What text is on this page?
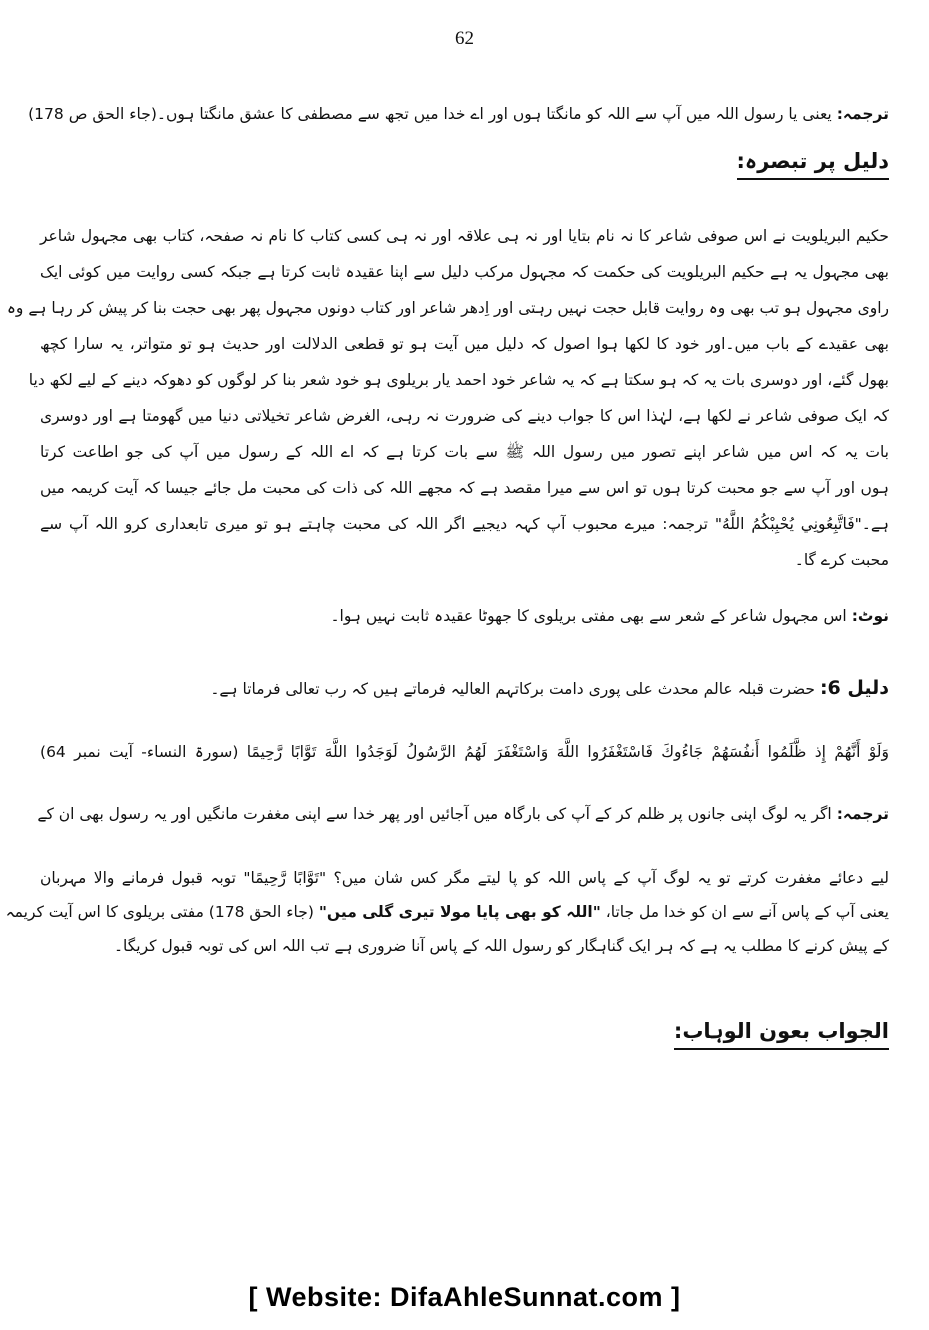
62
ترجمہ: یعنی یا رسول اللہ میں آپ سے اللہ کو مانگتا ہوں اور اے خدا میں تجھ سے مصطفی کا عشق مانگتا ہوں۔(جاء الحق ص 178)
دلیل پر تبصرہ:
حکیم البریلویت نے اس صوفی شاعر کا نہ نام بتایا اور نہ ہی علاقہ اور نہ ہی کسی کتاب کا نام نہ صفحہ، کتاب بھی مجہول شاعر
بھی مجہول یہ ہے حکیم البریلویت کی حکمت کہ مجہول مرکب دلیل سے اپنا عقیدہ ثابت کرتا ہے جبکہ کسی روایت میں کوئی ایک
راوی مجہول ہو تب بھی وہ روایت قابل حجت نہیں رہتی اور اِدھر شاعر اور کتاب دونوں مجہول پھر بھی حجت بنا کر پیش کر رہا ہے وہ
بھی عقیدے کے باب میں۔اور خود کا لکھا ہوا اصول کہ دلیل میں آیت ہو تو قطعی الدلالت اور حدیث ہو تو متواتر، یہ سارا کچھ
بھول گئے، اور دوسری بات یہ کہ ہو سکتا ہے کہ یہ شاعر خود احمد یار بریلوی ہو خود شعر بنا کر لوگوں کو دھوکہ دینے کے لیے لکھ دیا
کہ ایک صوفی شاعر نے لکھا ہے، لہٰذا اس کا جواب دینے کی ضرورت نہ رہی، الغرض شاعر تخیلاتی دنیا میں گھومتا ہے اور دوسری
بات یہ کہ اس میں شاعر اپنے تصور میں رسول اللہ ﷺ سے بات کرتا ہے کہ اے اللہ کے رسول میں آپ کی جو اطاعت کرتا
ہوں اور آپ سے جو محبت کرتا ہوں تو اس سے میرا مقصد ہے کہ مجھے اللہ کی ذات کی محبت مل جائے جیسا کہ آیت کریمہ میں
ہے۔"فَاتَّبِعُونِي يُحْبِبْكُمُ اللَّهُ" ترجمہ: میرے محبوب آپ کہہ دیجیے اگر اللہ کی محبت چاہتے ہو تو میری تابعداری کرو اللہ آپ سے
محبت کرے گا۔
نوٹ: اس مجہول شاعر کے شعر سے بھی مفتی بریلوی کا جھوٹا عقیدہ ثابت نہیں ہوا۔
دلیل 6: حضرت قبلہ عالم محدث علی پوری دامت برکاتہم العالیہ فرماتے ہیں کہ رب تعالی فرماتا ہے۔
وَلَوْ أَنَّهُمْ إِذ ظَّلَمُوا أَنفُسَهُمْ جَاءُوكَ فَاسْتَغْفَرُوا اللَّهَ وَاسْتَغْفَرَ لَهُمُ الرَّسُولُ لَوَجَدُوا اللَّهَ تَوَّابًا رَّحِيمًا (سورۃ النساء- آیت نمبر 64)
ترجمہ: اگر یہ لوگ اپنی جانوں پر ظلم کر کے آپ کی بارگاہ میں آجائیں اور پھر خدا سے اپنی مغفرت مانگیں اور یہ رسول بھی ان کے
لیے دعائے مغفرت کرتے تو یہ لوگ آپ کے پاس اللہ کو پا لیتے مگر کس شان میں؟ "تَوَّابًا رَّحِيمًا" توبہ قبول فرمانے والا مہربان
یعنی آپ کے پاس آنے سے ان کو خدا مل جاتا، "اللہ کو بھی پایا مولا تیری گلی میں" (جاء الحق 178) مفتی بریلوی کا اس آیت کریمہ
کے پیش کرنے کا مطلب یہ ہے کہ ہر ایک گناہگار کو رسول اللہ کے پاس آنا ضروری ہے تب اللہ اس کی توبہ قبول کریگا۔
الجواب بعون الوہاب:
[ Website: DifaAhleSunnat.com ]
